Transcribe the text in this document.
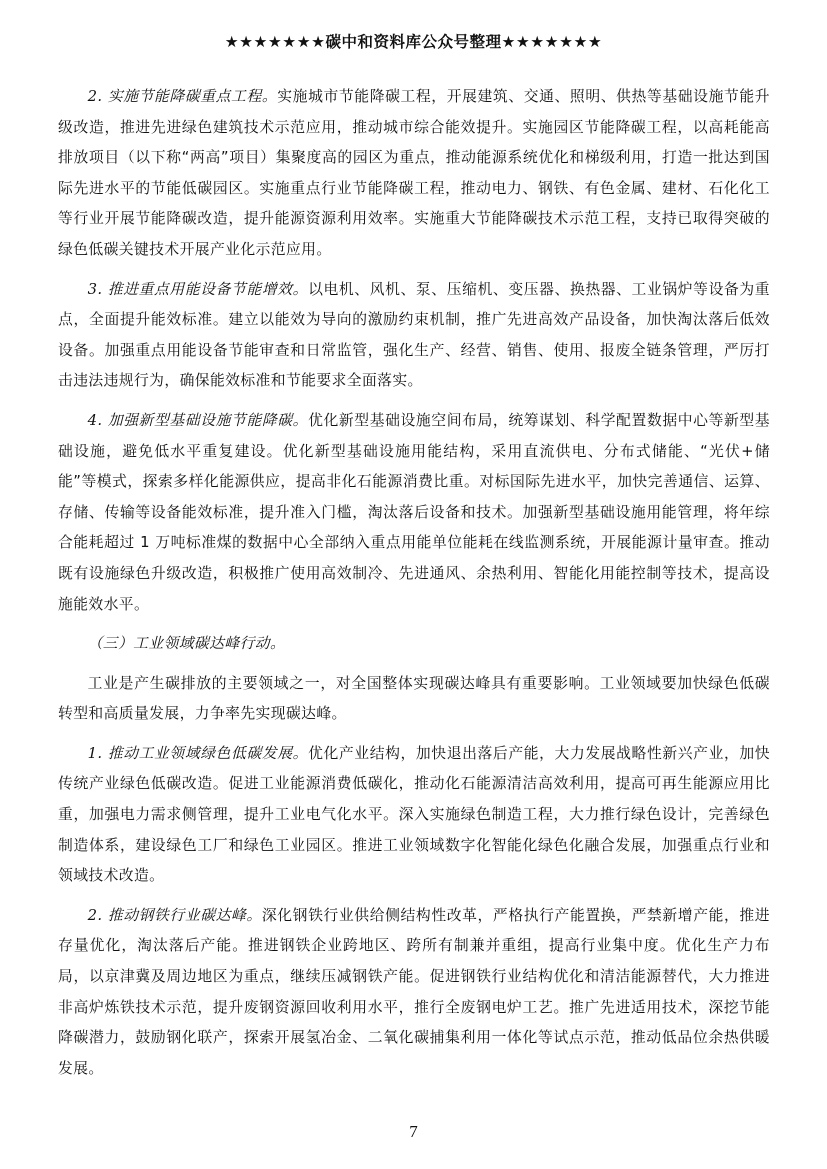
★★★★★★★碳中和资料库公众号整理★★★★★★★

2. 实施节能降碳重点工程。实施城市节能降碳工程，开展建筑、交通、照明、供热等基础设施节能升级改造，推进先进绿色建筑技术示范应用，推动城市综合能效提升。实施园区节能降碳工程，以高耗能高排放项目（以下称“两高”项目）集聚度高的园区为重点，推动能源系统优化和梯级利用，打造一批达到国际先进水平的节能低碳园区。实施重点行业节能降碳工程，推动电力、钢铁、有色金属、建材、石化化工等行业开展节能降碳改造，提升能源资源利用效率。实施重大节能降碳技术示范工程，支持已取得突破的绿色低碳关键技术开展产业化示范应用。

3. 推进重点用能设备节能增效。以电机、风机、泵、压缩机、变压器、换热器、工业锅炉等设备为重点，全面提升能效标准。建立以能效为导向的激励约束机制，推广先进高效产品设备，加快淘汰落后低效设备。加强重点用能设备节能审查和日常监管，强化生产、经营、销售、使用、报废全链条管理，严厉打击违法违规行为，确保能效标准和节能要求全面落实。

4. 加强新型基础设施节能降碳。优化新型基础设施空间布局，统筹谋划、科学配置数据中心等新型基础设施，避免低水平重复建设。优化新型基础设施用能结构，采用直流供电、分布式储能、“光伏+储能”等模式，探索多样化能源供应，提高非化石能源消费比重。对标国际先进水平，加快完善通信、运算、存储、传输等设备能效标准，提升准入门槛，淘汰落后设备和技术。加强新型基础设施用能管理，将年综合能耗超过 1 万吨标准煤的数据中心全部纳入重点用能单位能耗在线监测系统，开展能源计量审查。推动既有设施绿色升级改造，积极推广使用高效制冷、先进通风、余热利用、智能化用能控制等技术，提高设施能效水平。

（三）工业领域碳达峰行动。

工业是产生碳排放的主要领域之一，对全国整体实现碳达峰具有重要影响。工业领域要加快绿色低碳转型和高质量发展，力争率先实现碳达峰。

1. 推动工业领域绿色低碳发展。优化产业结构，加快退出落后产能，大力发展战略性新兴产业，加快传统产业绿色低碳改造。促进工业能源消费低碳化，推动化石能源清洁高效利用，提高可再生能源应用比重，加强电力需求侧管理，提升工业电气化水平。深入实施绿色制造工程，大力推行绿色设计，完善绿色制造体系，建设绿色工厂和绿色工业园区。推进工业领域数字化智能化绿色化融合发展，加强重点行业和领域技术改造。

2. 推动钢铁行业碳达峰。深化钢铁行业供给侧结构性改革，严格执行产能置换，严禁新增产能，推进存量优化，淘汰落后产能。推进钢铁企业跨地区、跨所有制兼并重组，提高行业集中度。优化生产力布局，以京津冀及周边地区为重点，继续压减钢铁产能。促进钢铁行业结构优化和清洁能源替代，大力推进非高炉炼铁技术示范，提升废钢资源回收利用水平，推行全废钢电炉工艺。推广先进适用技术，深挖节能降碳潜力，鼓励钢化联产，探索开展氢冶金、二氧化碳捕集利用一体化等试点示范，推动低品位余热供暖发展。

7
